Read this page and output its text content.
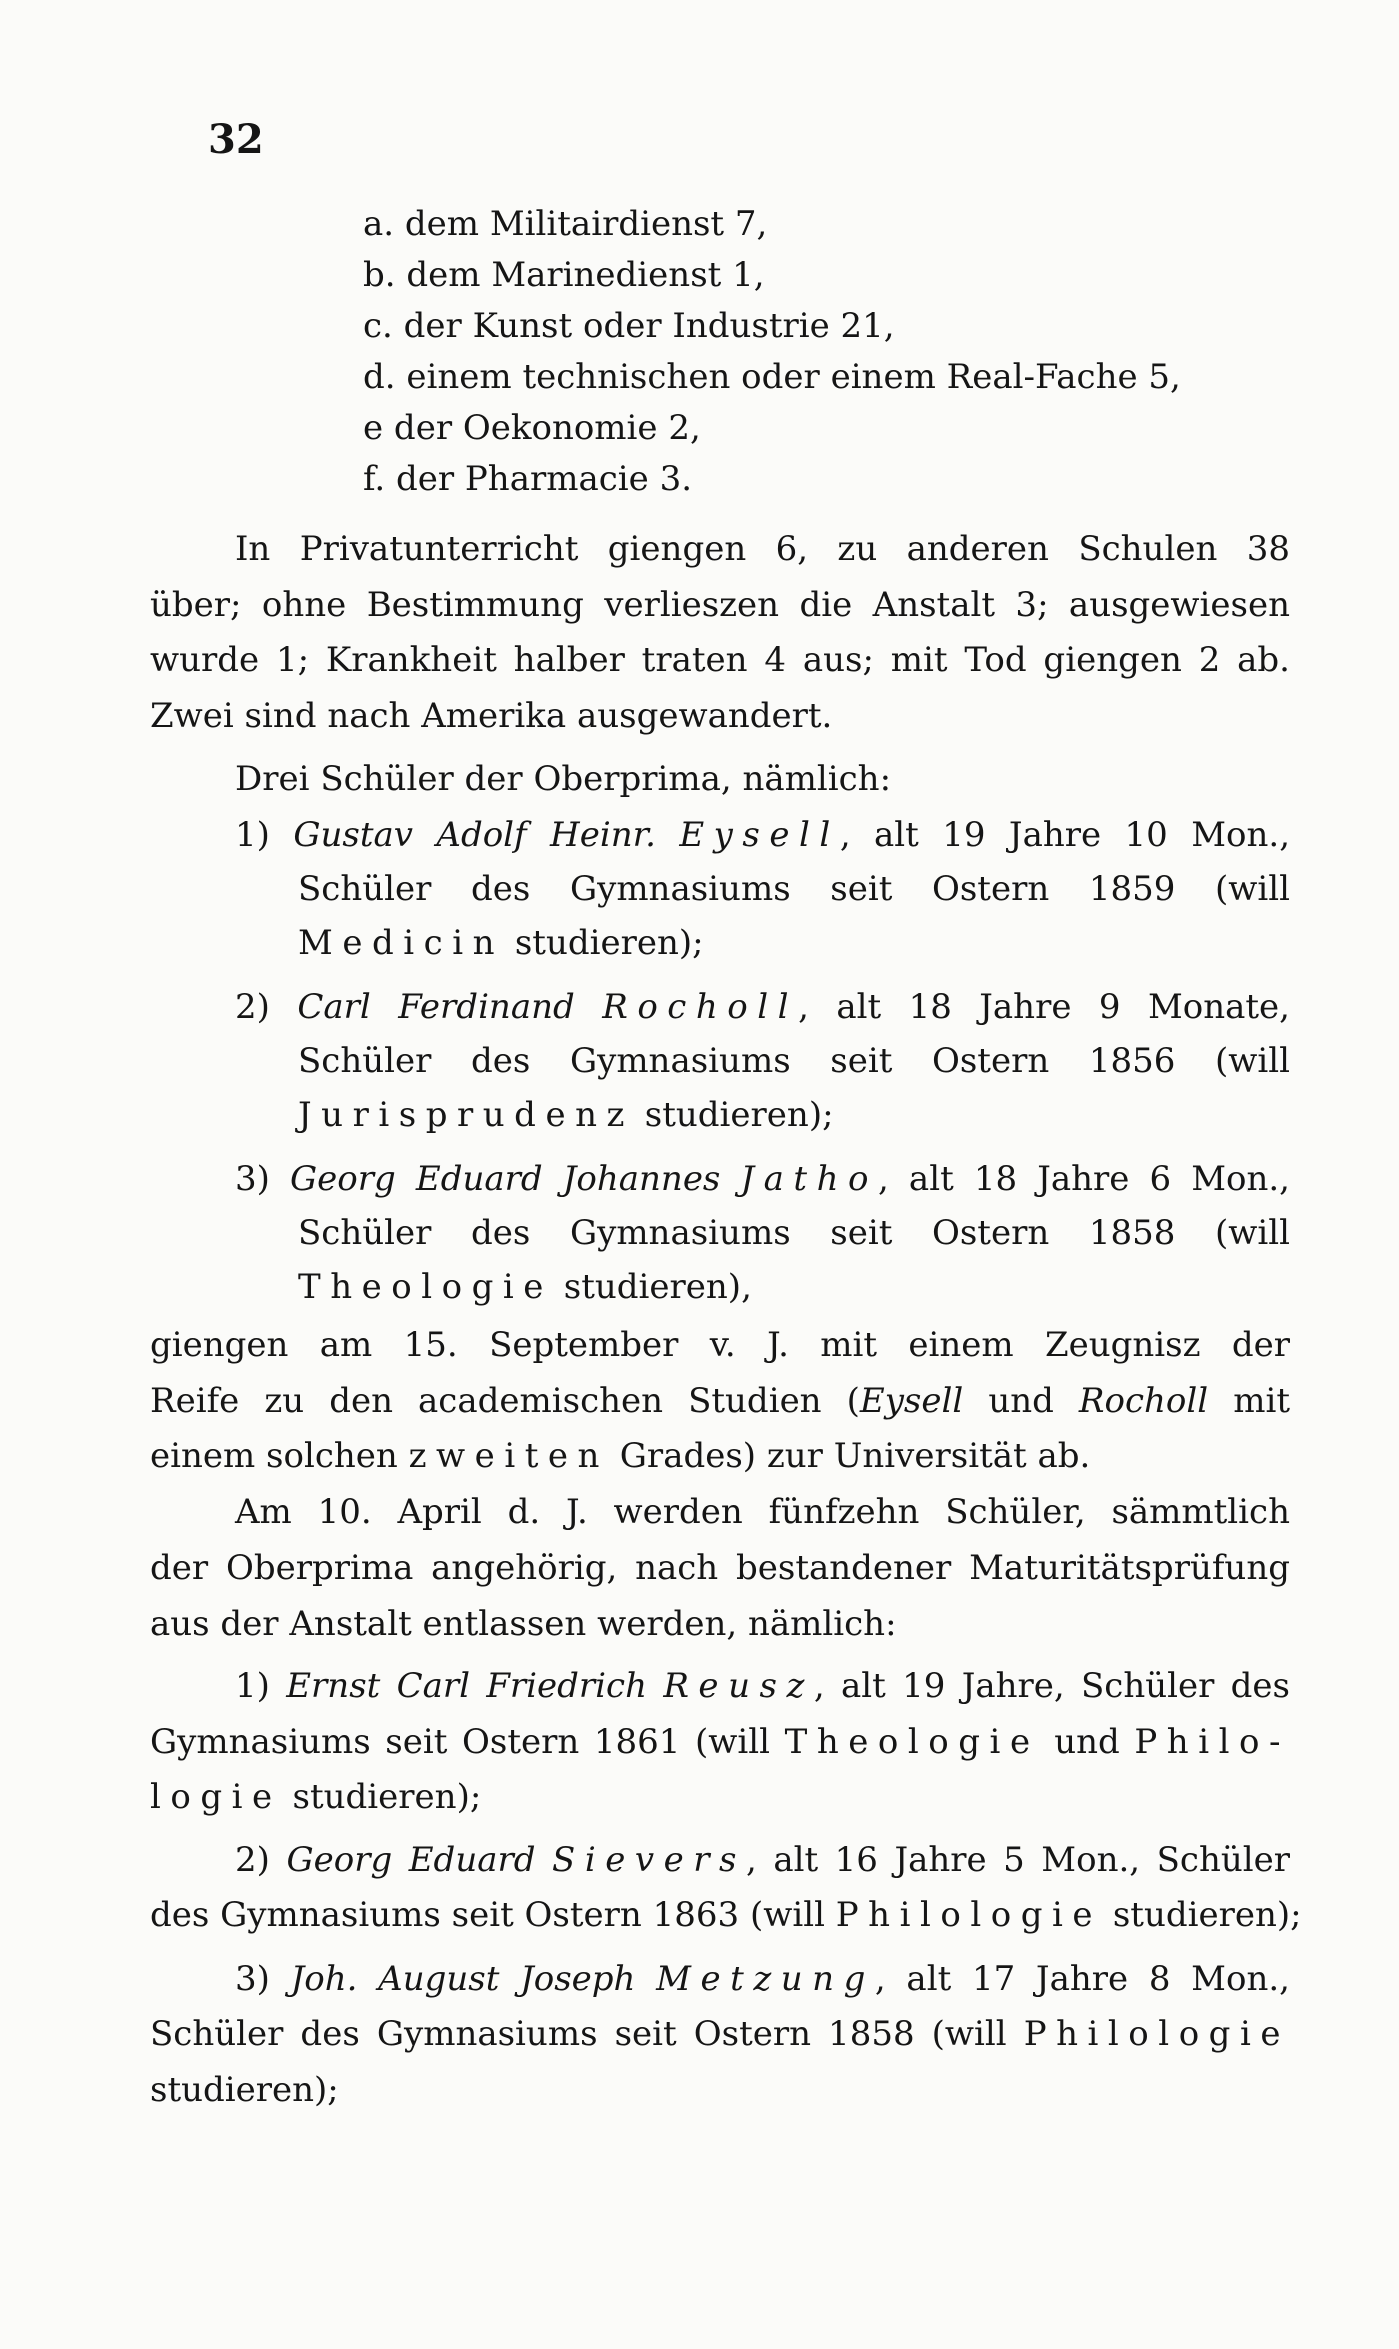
32
a. dem Militairdienst 7,
b. dem Marinedienst 1,
c. der Kunst oder Industrie 21,
d. einem technischen oder einem Real-Fache 5,
e der Oekonomie 2,
f. der Pharmacie 3.
In Privatunterricht giengen 6, zu anderen Schulen 38
über; ohne Bestimmung verlieszen die Anstalt 3; ausgewiesen
wurde 1; Krankheit halber traten 4 aus; mit Tod giengen 2 ab.
Zwei sind nach Amerika ausgewandert.
Drei Schüler der Oberprima, nämlich:
1) Gustav Adolf Heinr. Eysell, alt 19 Jahre 10 Mon.,
Schüler des Gymnasiums seit Ostern 1859 (will
Medicin studieren);
2) Carl Ferdinand Rocholl, alt 18 Jahre 9 Monate,
Schüler des Gymnasiums seit Ostern 1856 (will
Jurisprudenz studieren);
3) Georg Eduard Johannes Jatho, alt 18 Jahre 6 Mon.,
Schüler des Gymnasiums seit Ostern 1858 (will
Theologie studieren),
giengen am 15. September v. J. mit einem Zeugnisz der
Reife zu den academischen Studien (Eysell und Rocholl mit
einem solchen zweiten Grades) zur Universität ab.
Am 10. April d. J. werden fünfzehn Schüler, sämmtlich
der Oberprima angehörig, nach bestandener Maturitätsprüfung
aus der Anstalt entlassen werden, nämlich:
1) Ernst Carl Friedrich Reusz, alt 19 Jahre, Schüler des
Gymnasiums seit Ostern 1861 (will Theologie und Philo-
logie studieren);
2) Georg Eduard Sievers, alt 16 Jahre 5 Mon., Schüler
des Gymnasiums seit Ostern 1863 (will Philologie studieren);
3) Joh. August Joseph Metzung, alt 17 Jahre 8 Mon.,
Schüler des Gymnasiums seit Ostern 1858 (will Philologie
studieren);
